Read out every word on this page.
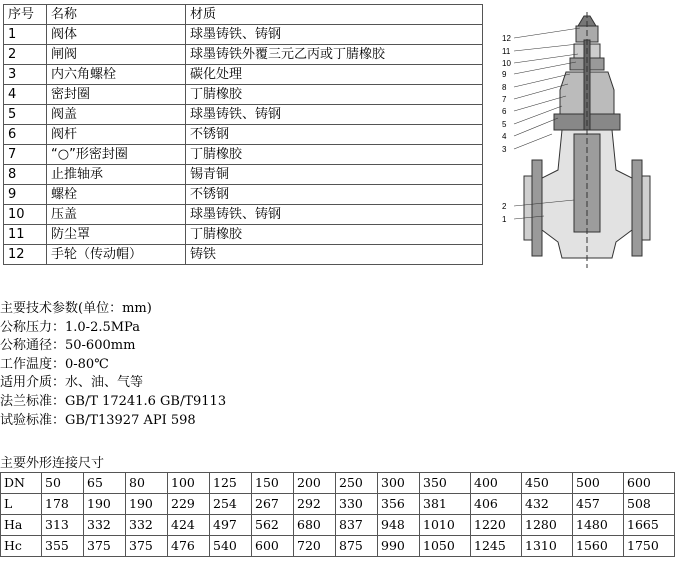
序号	名称	材质
1	阀体	球墨铸铁、铸钢
2	闸阀	球墨铸铁外覆三元乙丙或丁腈橡胶
3	内六角螺栓	碳化处理
4	密封圈	丁腈橡胶
5	阀盖	球墨铸铁、铸钢
6	阀杆	不锈钢
7	“○”形密封圈	丁腈橡胶
8	止推轴承	锡青铜
9	螺栓	不锈钢
10	压盖	球墨铸铁、铸钢
11	防尘罩	丁腈橡胶
12	手轮（传动帽）	铸铁
12
11
10
9
8
7
6
5
4
3
2
1
主要技术参数(单位：mm)
公称压力：1.0-2.5MPa
公称通径：50-600mm
工作温度：0-80℃
适用介质：水、油、气等
法兰标准：GB/T 17241.6 GB/T9113
试验标准：GB/T13927 API 598
主要外形连接尺寸
DN	50	65	80	100	125	150	200	250	300	350	400	450	500	600
L	178	190	190	229	254	267	292	330	356	381	406	432	457	508
Ha	313	332	332	424	497	562	680	837	948	1010	1220	1280	1480	1665
Hc	355	375	375	476	540	600	720	875	990	1050	1245	1310	1560	1750
